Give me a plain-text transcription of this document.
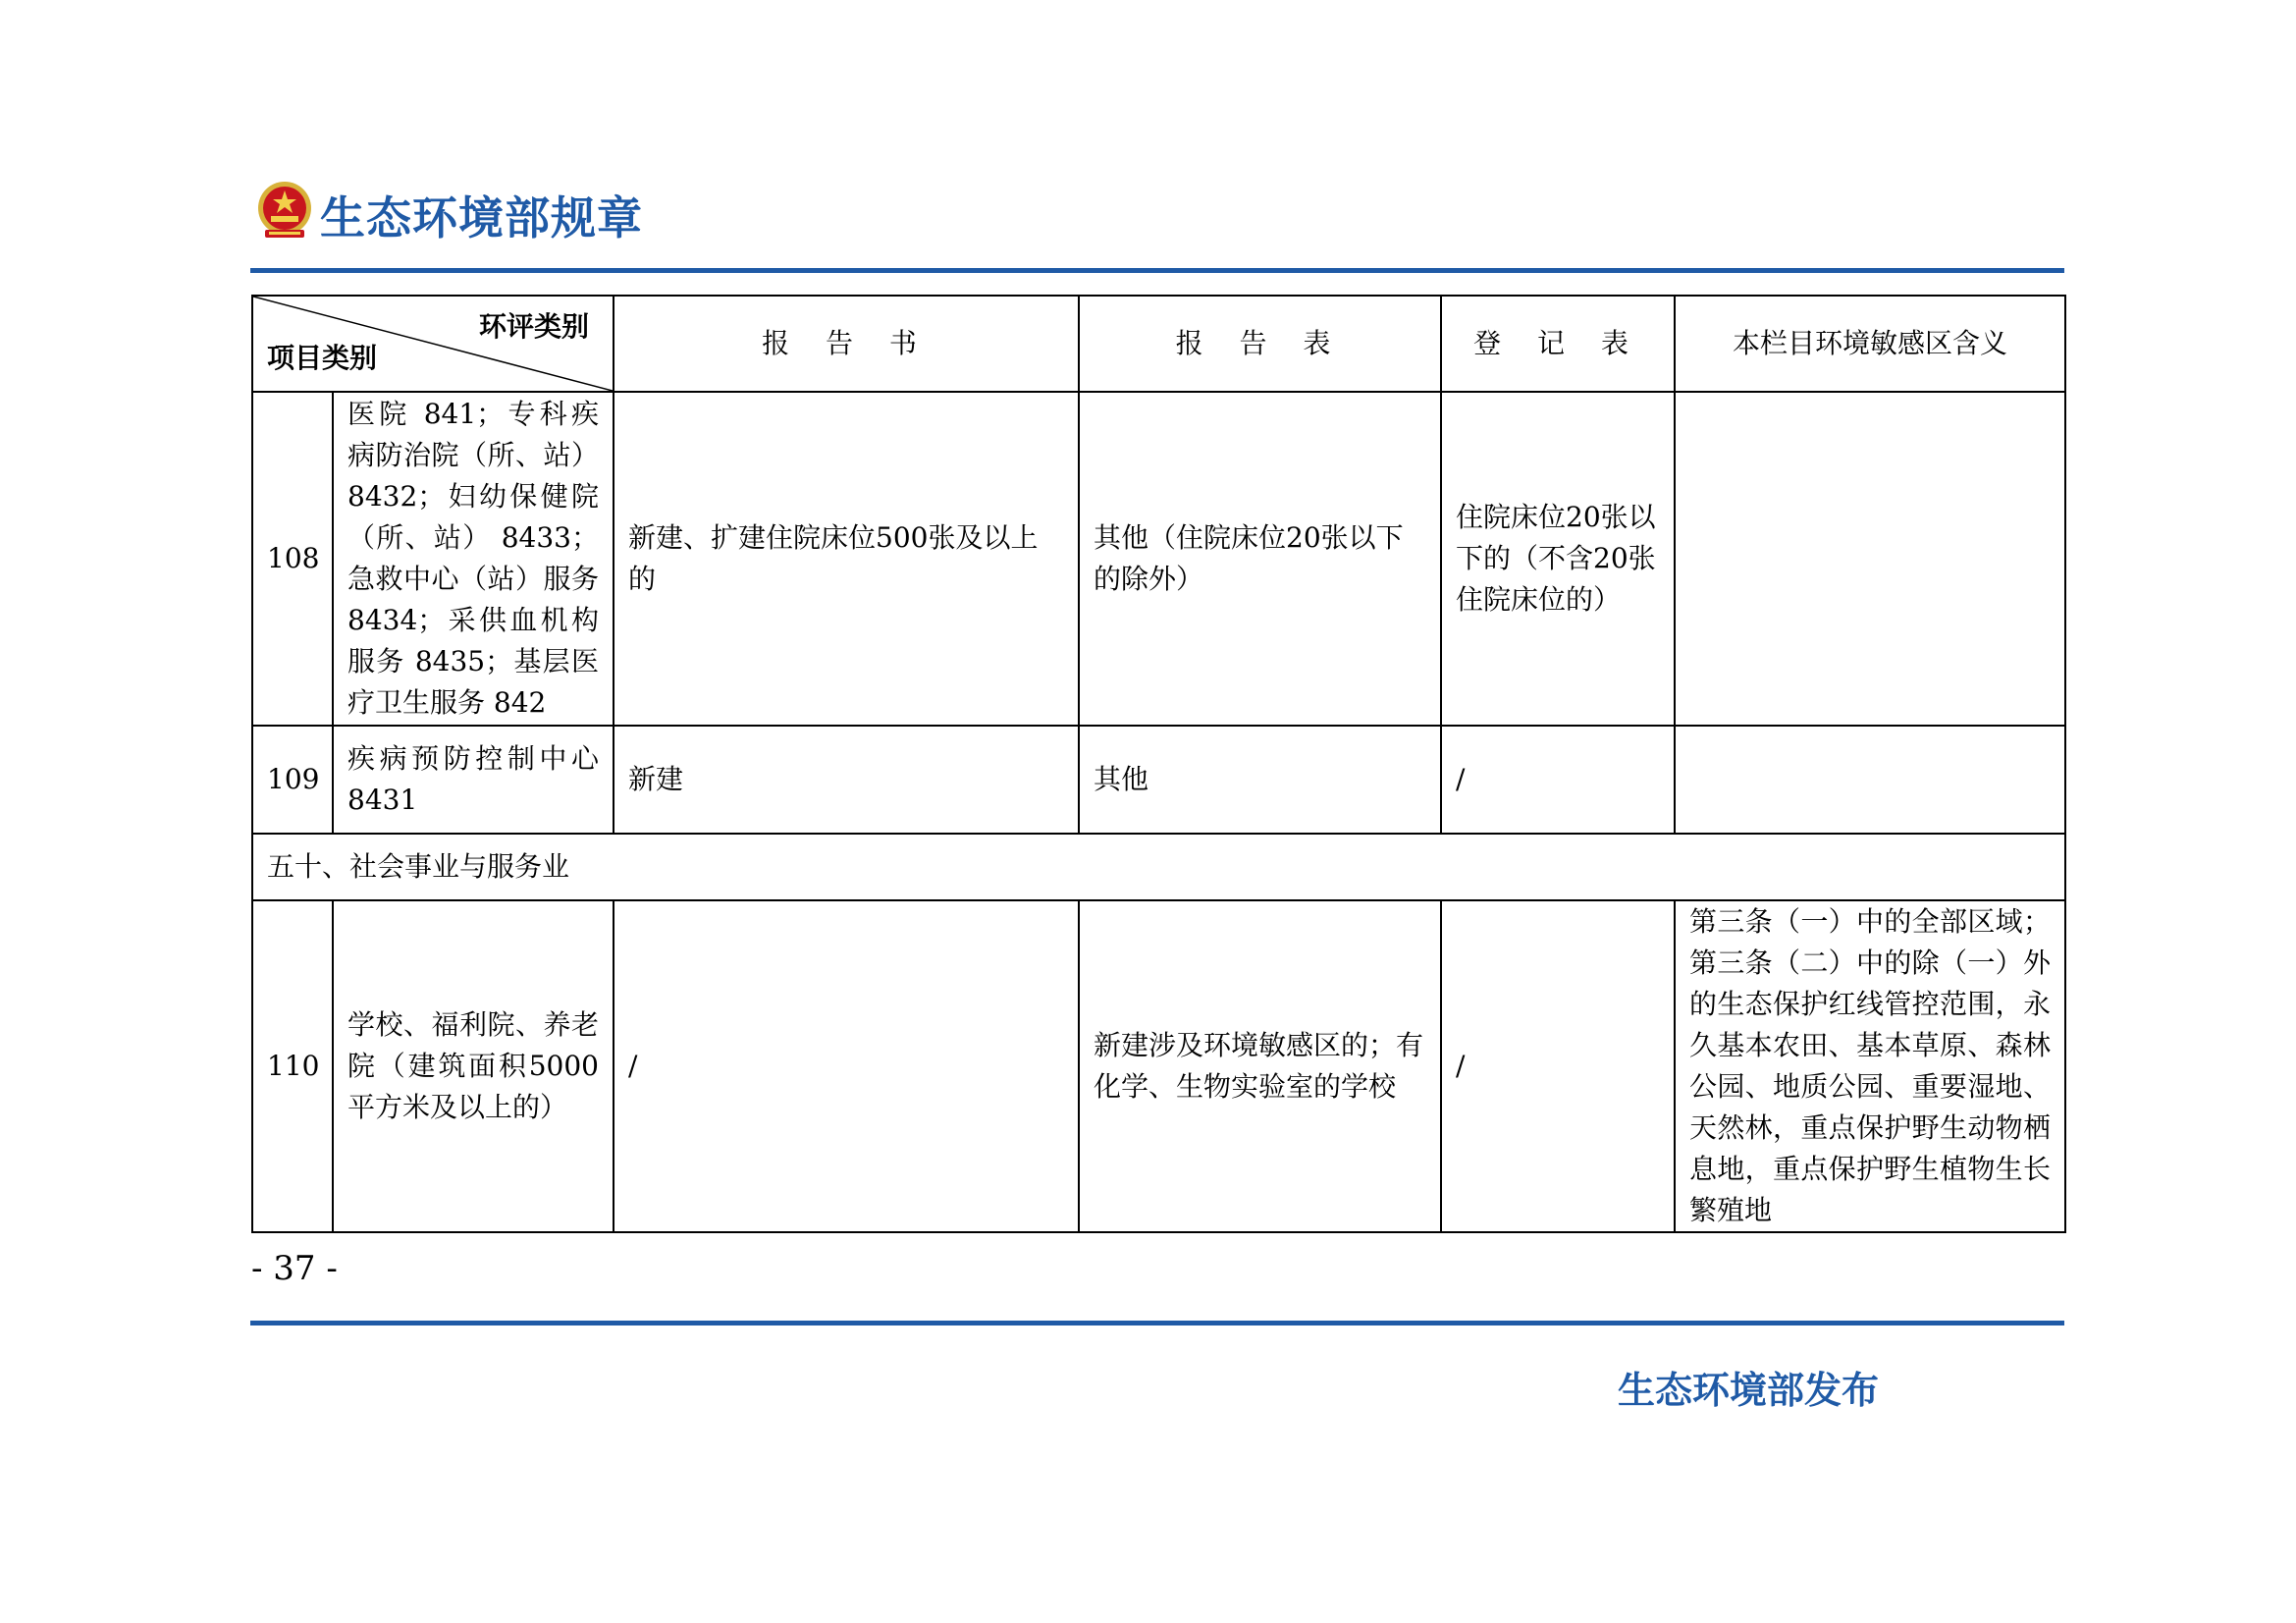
生态环境部规章
环评类别
项目类别		报 告 书	报 告 表	登 记 表	本栏目环境敏感区含义
108	医院 841；专科疾病防治院（所、站）8432；妇幼保健院（所、站） 8433；急救中心（站）服务 8434；采供血机构服务 8435；基层医疗卫生服务 842	新建、扩建住院床位500张及以上的	其他（住院床位20张以下的除外）	住院床位20张以下的（不含20张住院床位的）	
109	疾病预防控制中心 8431	新建	其他	/	
五十、社会事业与服务业					
110	学校、福利院、养老院（建筑面积5000平方米及以上的）	/	新建涉及环境敏感区的；有化学、生物实验室的学校	/	第三条（一）中的全部区域；第三条（二）中的除（一）外的生态保护红线管控范围，永久基本农田、基本草原、森林公园、地质公园、重要湿地、天然林，重点保护野生动物栖息地，重点保护野生植物生长繁殖地
- 37 -
生态环境部发布
